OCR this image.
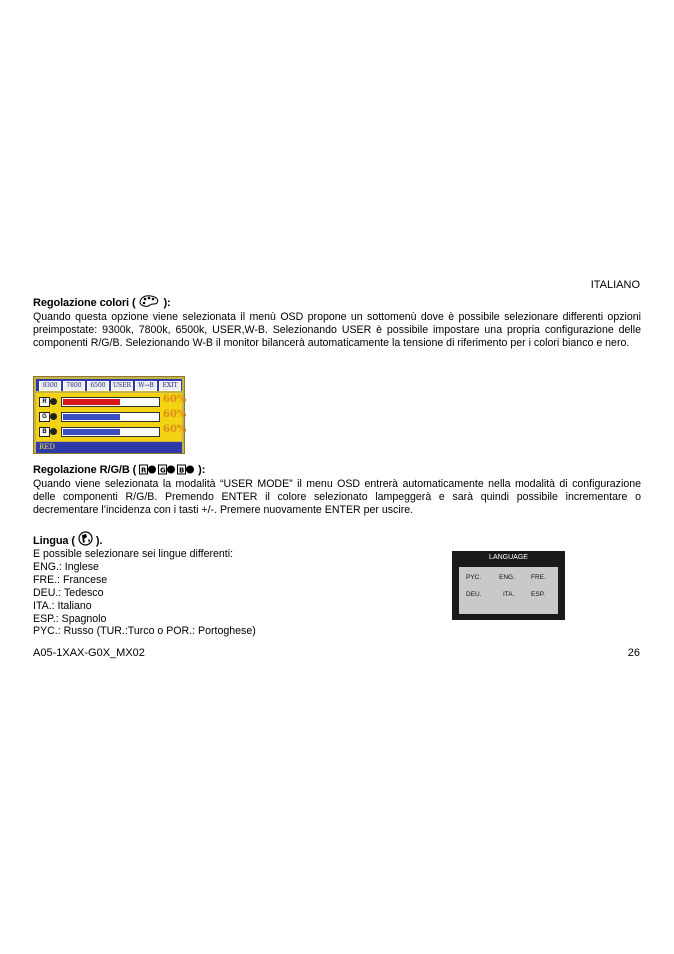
ITALIANO
Regolazione colori (	):
Quando questa opzione viene selezionata il menù OSD propone un sottomenù dove è possibile selezionare differenti opzioni preimpostate: 9300k, 7800k, 6500k, USER,W-B. Selezionando USER è possibile impostare una propria configurazione delle componenti R/G/B. Selezionando W-B il monitor bilancerà automaticamente la tensione di riferimento per i colori bianco e nero.
9300	7800	6500	USER	W→B	EXIT
R	60%
G	60%
B	60%
RED
Regolazione R/G/B ( R G B ):
Quando viene selezionata la modalità “USER MODE” il menu OSD entrerà automaticamente nella modalità di configurazione delle componenti R/G/B. Premendo ENTER il colore selezionato lampeggerà e sarà quindi possibile incrementare o decrementare l’incidenza con i tasti +/-. Premere nuovamente ENTER per uscire.
Lingua ( ).
E possible selezionare sei lingue differenti:
ENG.: Inglese
FRE.: Francese
DEU.: Tedesco
ITA.: Italiano
ESP.: Spagnolo
PYC.: Russo (TUR.:Turco o POR.: Portoghese)
LANGUAGE
PYC.	ENG. FRE.
DEU.	ITA.	ESP.
A05-1XAX-G0X_MX02	26
